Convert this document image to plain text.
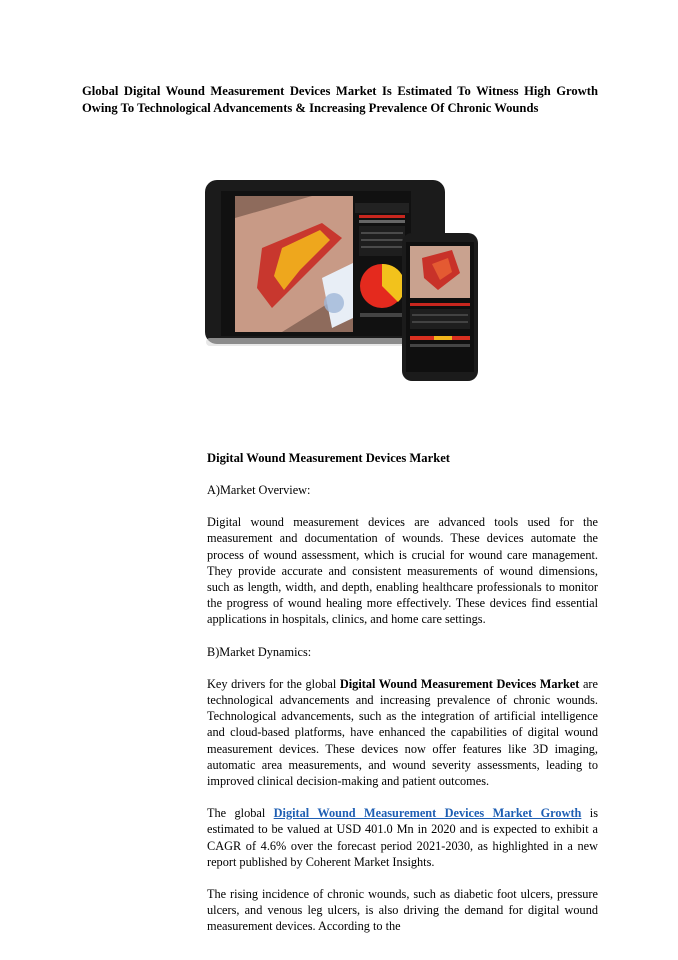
Global Digital Wound Measurement Devices Market Is Estimated To Witness High Growth Owing To Technological Advancements & Increasing Prevalence Of Chronic Wounds
Digital Wound Measurement Devices Market
A)Market Overview:

Digital wound measurement devices are advanced tools used for the measurement and documentation of wounds. These devices automate the process of wound assessment, which is crucial for wound care management. They provide accurate and consistent measurements of wound dimensions, such as length, width, and depth, enabling healthcare professionals to monitor the progress of wound healing more effectively. These devices find essential applications in hospitals, clinics, and home care settings.

B)Market Dynamics:

Key drivers for the global Digital Wound Measurement Devices Market are technological advancements and increasing prevalence of chronic wounds. Technological advancements, such as the integration of artificial intelligence and cloud-based platforms, have enhanced the capabilities of digital wound measurement devices. These devices now offer features like 3D imaging, automatic area measurements, and wound severity assessments, leading to improved clinical decision-making and patient outcomes.

The global Digital Wound Measurement Devices Market Growth is estimated to be valued at USD 401.0 Mn in 2020 and is expected to exhibit a CAGR of 4.6% over the forecast period 2021-2030, as highlighted in a new report published by Coherent Market Insights.

The rising incidence of chronic wounds, such as diabetic foot ulcers, pressure ulcers, and venous leg ulcers, is also driving the demand for digital wound measurement devices. According to the
